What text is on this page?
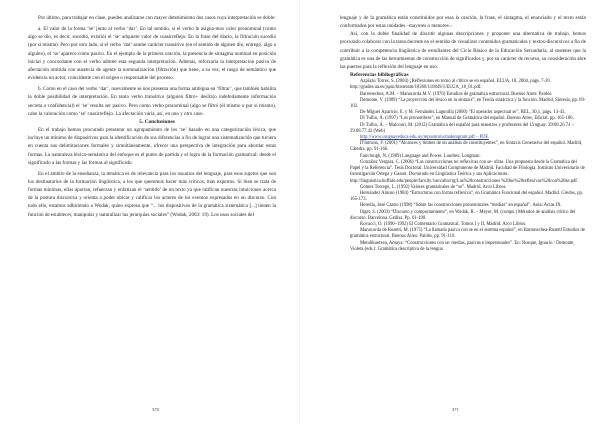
Por último, para trabajar en clase, pueden analizarse con mayor detenimiento dos casos cuya interpretación es doble:

a. El valor de la forma ‘se’ junto al verbo ‘dar’. En tal sentido, si el verbo le asigna-mos valor pronominal (como algo se dio, es decir, sucedió, existió) el ‘se’ adquiere valor de cuasirreflejo. En la frase del diario, la filtración sucedió (por sí misma). Pero por otro lado, si el verbo ‘dar’ asume carácter transitivo (en el sentido de alguien dio, entregó, algo a alguien), el ‘se’ aparece como pasivo. En el ejemplo de la primera oración, la presencia de sintagma nominal en posición inicial y concordante con el verbo admite esta segunda interpretación. Además, reforzaría la interpretación pasiva de afectación omitida con ausencia de agente la nominalización (filtración) que tiene, a su vez, el rasgo de semántico que evidencia un actor, coincidente con el origen o responsable del proceso.

b. Como en el caso del verbo ‘dar’, nuevamente se nos presenta una forma ambigua en ‘filtrar’, que también habilita la doble posibilidad de interpretación. En tanto verbo transitivo (alguien filtró+ desliz(o indebidamente información secreta o confidencial) el ‘se’ resulta ser pasivo. Pero como verbo pronominal (algo se filtró (él mismo o por sí mismo), cabe la valoración como ‘se’ cuasirreflejo. La afectación varía, así, en uno y otro caso.

5. Conclusiones

En el trabajo hemos procurado presentar un agrupamiento de los ‘se’ basado en una categorización léxica, que incluye un mínimo de dispositivos para la identificación de sus diferencias a fin de lograr una sistematización que tuviera en cuenta sus delimitaciones formales y simultáneamente, ofrecer una perspectiva de integración para abordar estas formas. La naturaleza léxico-semántica del enfoque es el punto de partida y el logro de la formación gramatical: desde el significado a las formas y las formas al significado.

En el ámbito de la enseñanza, la temática es de relevancia para los usuarios del lenguaje, para esos sujetos que son los destinatarios de la formación lingüística, a los que queremos hacer más críticos, más expertos. Si bien se trata de formas mínimas, ellas aportan, refuerzan y enfatizan el ‘sentido’ de un texto ya que ratifican nuestras intuiciones acerca de la postura discursiva y orienta a poder ubicar y calificar los actores de los eventos expresados en un discurso. Con todo ello, estamos adhiriendo a Wodak, quien expresa que “... los dispositivos de la gramática sistemática [...] tienen la función de establecer, manipular y naturalizar las jerarquías sociales” (Wodak, 2003: 19). Los usos sociales del

370

lenguaje y de la gramática están constituidos por esas la oración, la frase, el sintagma, el enunciado y el texto están conformados por estas unidades –mayores o menores–.

Así, con la doble finalidad de discutir algunas descripciones y proponer una alternativa de trabajo, hemos procurado colaborar con la tarea docente en el sentido de visualizar contenidos gramaticales y textos-discursivos a fin de contribuir a la competencia lingüística de estudiantes del Ciclo Básico de la Educación Secundaria, al sostener que la gramática es una de las herramientas de construcción de significados y, por su carácter de recurso, su consideración abre las puertas para la reflexión del lenguaje en uso.

Referencias bibliográficas

Azpiazu Torres, S. (2004) ¿Reflexiones en torno al clítico se en español. ELUA, 18, 2004, págs. 7-20. http://grades.ua.es/jspui/bitstream/10366/110849/1/ELUA_18_01.pdf.

Barrenechea, A.M. – Manacorda M.V. (1976) Estudios de gramática estructural. Buenos Aires: Paidós.

Demonte, V. (1989) “La proyección del léxico en la sintaxis”, en Teoría sintáctica y la función. Madrid, Síntesis, pp. 69-102.

De Miguel Aparicio, E. y M. Fernández Lagunilla (2000) “El operador aspectual se”, REL, 30,1, págs. 13-43.

Di Tullio, Á. (1997) “Los pronombres”, en Manual de Gramática del español. Buenos Aires, Edicial. pp. 165-186.

Di Tullio, Á. – Malcouri, M. (2012) Gramática del español para maestros y profesores del Uruguay. 29/08.26.74 – 29.08.77.42 (Web)

http://www.uruguayeduca.edu.uy/repositorio/maletagram.pdf ‒ PDF.

D'Introno, F. (2001) “Alcances y límites de un análisis de constituyentes”, en Sintaxis Generativa del español. Madrid, Cátedra. pp. 91-166.

Fairclough, N. (1989) Language and Power. Londres: Longman.

González Vergara, C. (2006) “Las construcciones no reflexivas con se- ofras. Una propuesta desde la Gramática del Papel y la Referencia”. Tesis Doctoral. Universidad Complutense de Madrid. Facultad de Filología. Instituto Universitario de Investigación Ortega y Gasset. Doctorado en Lingüística Teórica y sus Aplicaciones. http://linguistica.buffalo.edu/people/faculty/vanvalin/rrg/Las%20construcciones %20no%20reflexivas%20con%20se.pdf.

Gómez Torrego, L. (1992) Valores gramaticales de “se”. Madrid. Arco Libros.

Hernández Alonso (1984) “Estructuras con forma reflexiva”, en Gramática Funcional del español. Madrid. Gredos, pp. 165-173.

Heredia, José Castro (1998) “Sobre las construcciones pronominales “medias” en español”. Aula: Actas IX.

Iliget, S. (2003) “Discurso y comportamiento”, en Wodak, R. – Meyer, M. (comps.) Métodos de análisis crítico del discurso. Barcelona. Gedisa. Pp. 61-100.

Kovacci, O. (1990–1992) El Comentario Gramatical. Tomos I y II, Madrid: Arco Libros.

Manacorda de Rosetti, M. (1975) “La llamada pasiva con se en el sistema español”, en Barrenechea-Rosetti Estudios de gramática estructural. Buenos Aires: Paidós, pp. 91-110.

Mendikoetxea, Amaya: “Construcciones con se: medias, pasivas e impersonales”. En: Bosque, Ignacio / Demonte, Violeta (eds.): Gramática descriptiva de la lengua

371
